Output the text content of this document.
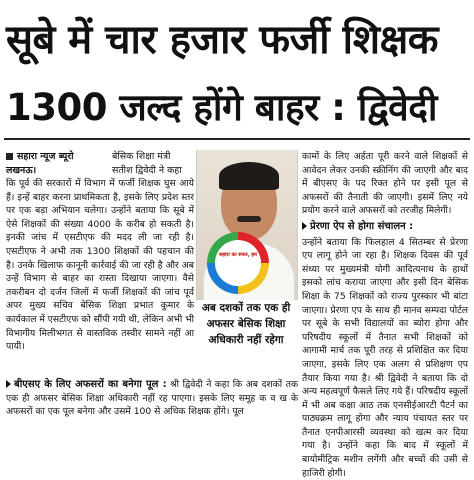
सूबे में चार हजार फर्जी शिक्षक
1300 जल्द होंगे बाहर : द्विवेदी
सहारा न्यूज ब्यूरो
लखनऊ।
बेसिक शिक्षा मंत्री सतीश द्विवेदी ने कहा

कि पूर्व की सरकारों में विभाग में फर्जी शिक्षक घुस आये हैं। इन्हें बाहर करना प्राथमिकता है, इसके लिए प्रदेश स्तर पर एक बड़ा अभियान चलेगा। उन्होंने बताया कि सूबे में ऐसे शिक्षकों की संख्या 4000 के करीब हो सकती है। इनकी जांच में एसटीएफ की मदद ली जा रही है। एसटीएफ ने अभी तक 1300 शिक्षकों की पहचान की है। उनके खिलाफ कानूनी कार्रवाई की जा रही है और अब उन्हें विभाग से बाहर का रास्ता दिखाया जाएगा। वैसे तकरीबन दो दर्जन जिलों में फर्जी शिक्षकों की जांच पूर्व अपर मुख्य सचिव बेसिक शिक्षा प्रभात कुमार के कार्यकाल में एसटीएफ को सौंपी गयी थी, लेकिन अभी भी विभागीय मिलीभगत से वास्तविक तस्वीर सामने नहीं आ पायी।

बीएसए के लिए अफसरों का बनेगा पूल : श्री द्विवेदी ने कहा कि अब दशकों तक एक ही अफसर बेसिक शिक्षा अधिकारी नहीं रह पाएगा। इसके लिए समूह क व ख के अफसरों का एक पूल बनेगा और उसमें 100 से अधिक शिक्षक होंगे। पूल
सहारा का सफर, हम
अब दशकों तक एक ही अफसर बेसिक शिक्षा अधिकारी नहीं रहेगा

कामों के लिए अर्हता पूरी करने वाले शिक्षकों से आवेदन लेकर उनकी स्क्रीनिंग की जाएगी और बाद में बीएसए के पद रिक्त होने पर इसी पूल से अफसरों की तैनाती की जाएगी। इसमें लिए नये प्रयोग करने वाले अफसरों को तरजीह मिलेगी।

प्रेरणा ऐप से होगा संचालन :

उन्होंने बताया कि फिलहाल 4 सितम्बर से प्रेरणा एप लागू होने जा रहा है। शिक्षक दिवस की पूर्व संध्या पर मुख्यमंत्री योगी आदित्यनाथ के हाथों इसको लांच कराया जाएगा और इसी दिन बेसिक शिक्षा के 75 शिक्षकों को राज्य पुरस्कार भी बांटा जाएगा। प्रेरणा एप के साथ ही मानव सम्पदा पोर्टल पर सूबे के सभी विद्यालयों का ब्योरा होगा और परिषदीय स्कूलों में तैनात सभी शिक्षकों को आगामी मार्च तक पूरी तरह से प्रशिक्षित कर दिया जाएगा, इसके लिए एक अलग से प्रशिक्षण एप तैयार किया गया है। श्री द्विवेदी ने बताया कि दो अन्य महत्वपूर्ण फैसले लिए गये हैं। परिषदीय स्कूलों में भी अब कक्षा आठ तक एनसीईआरटी पैटर्न का पाठ्यक्रम लागू होगा और न्याय पंचायत स्तर पर तैनात एनपीआरसी व्यवस्था को खत्म कर दिया गया है। उन्होंने कहा कि बाद में स्कूलों में बायोमीट्रिक मशीन लगेंगी और बच्चों की उसी से हाजिरी होगी।
